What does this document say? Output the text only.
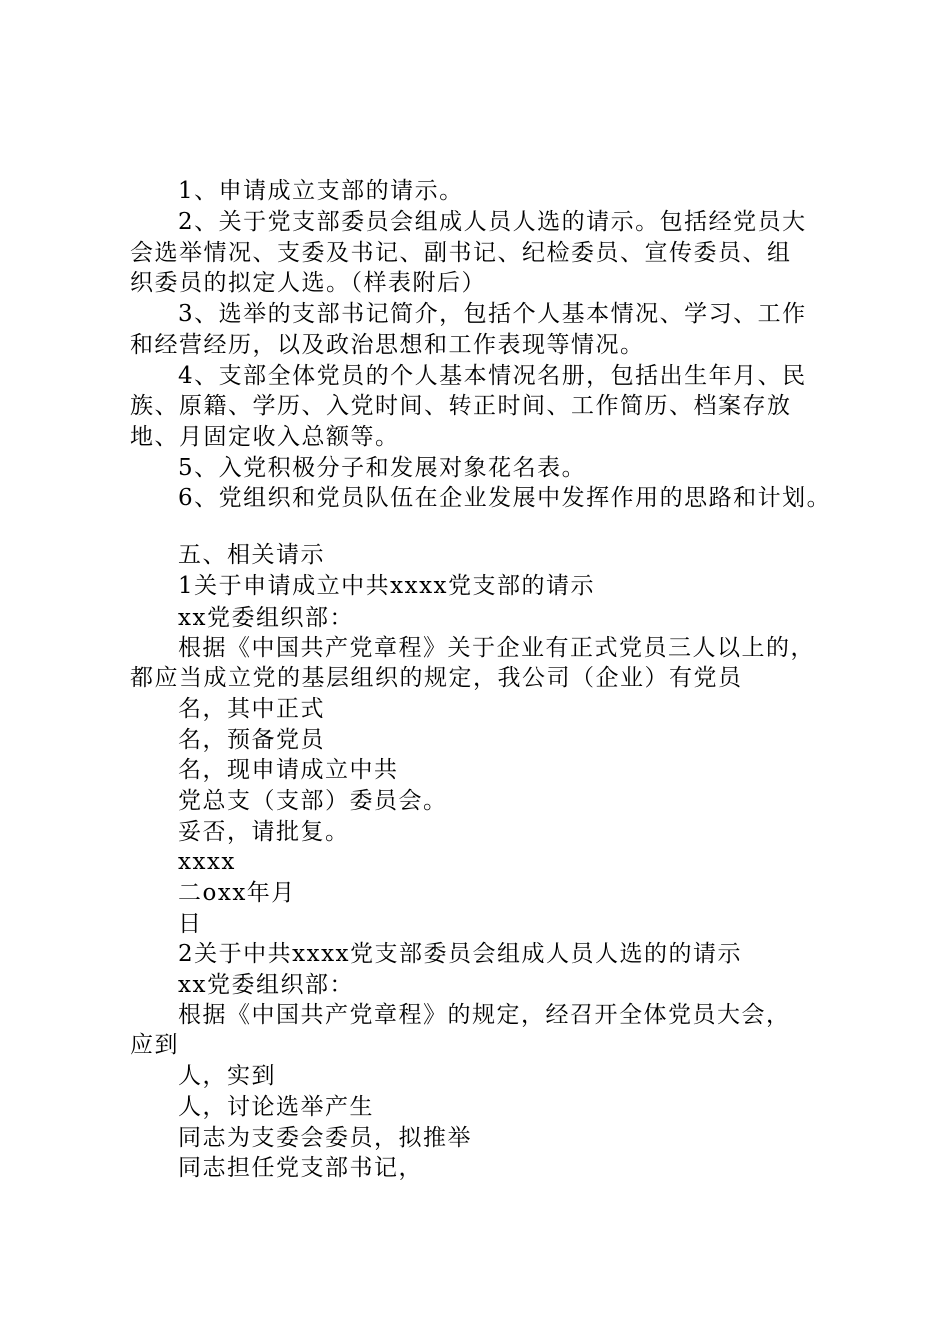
1、申请成立支部的请示。
2、关于党支部委员会组成人员人选的请示。包括经党员大
会选举情况、支委及书记、副书记、纪检委员、宣传委员、组
织委员的拟定人选。（样表附后）
3、选举的支部书记简介，包括个人基本情况、学习、工作
和经营经历，以及政治思想和工作表现等情况。
4、支部全体党员的个人基本情况名册，包括出生年月、民
族、原籍、学历、入党时间、转正时间、工作简历、档案存放
地、月固定收入总额等。
5、入党积极分子和发展对象花名表。
6、党组织和党员队伍在企业发展中发挥作用的思路和计划。
五、相关请示
1关于申请成立中共xxxx党支部的请示
xx党委组织部：
根据《中国共产党章程》关于企业有正式党员三人以上的，
都应当成立党的基层组织的规定，我公司（企业）有党员
名，其中正式
名，预备党员
名，现申请成立中共
党总支（支部）委员会。
妥否，请批复。
xxxx
二oxx年月
日
2关于中共xxxx党支部委员会组成人员人选的的请示
xx党委组织部：
根据《中国共产党章程》的规定，经召开全体党员大会，
应到
人，实到
人，讨论选举产生
同志为支委会委员，拟推举
同志担任党支部书记，
